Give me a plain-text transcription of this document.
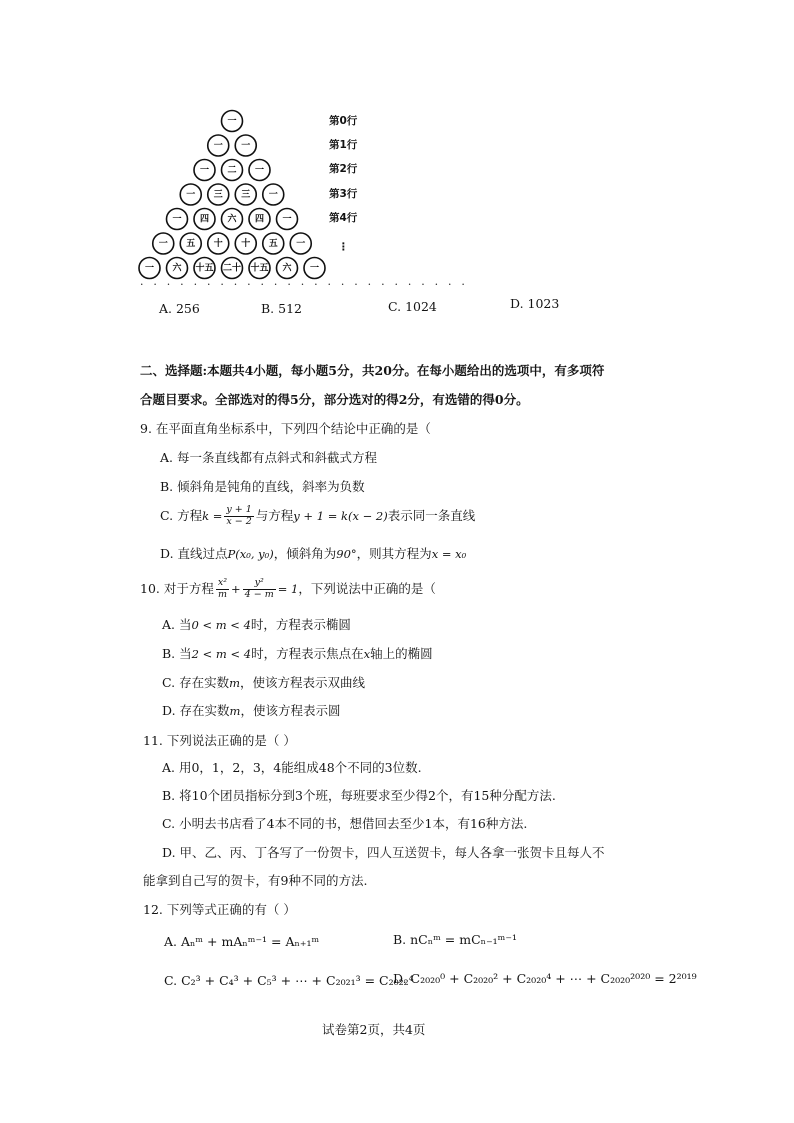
一
一 一
一 二 一
一 三 三 一
一 四 六 四 一
一 五 十 十 五 一
一 六 十五 二十 十五 六 一
第0行
第1行
第2行
第3行
第4行
⋮
· · · · · · · · · · · · · · · · · · · · · · · · ·
A. 256	B. 512	C. 1024	D. 1023
二、选择题:本题共4小题，每小题5分，共20分。在每小题给出的选项中，有多项符
合题目要求。全部选对的得5分，部分选对的得2分，有选错的得0分。
9. 在平面直角坐标系中，下列四个结论中正确的是（
A. 每一条直线都有点斜式和斜截式方程
B. 倾斜角是钝角的直线，斜率为负数
C. 方程$k = \frac{y + 1}{x - 2}$ 与方程y + 1 = k(x − 2)表示同一条直线
D. 直线过点P(x₀, y₀)，倾斜角为90°，则其方程为x = x₀
10. 对于方程 $\frac{\text{x²}}{m} + \frac{\text{y²}}{4 - m} = 1$，下列说法中正确的是（
A. 当0 < m < 4时，方程表示椭圆
B. 当2 < m < 4时，方程表示焦点在x轴上的椭圆
C. 存在实数m，使该方程表示双曲线
D. 存在实数m，使该方程表示圆
11. 下列说法正确的是（ ）
A. 用0，1，2，3，4能组成48个不同的3位数.
B. 将10个团员指标分到3个班，每班要求至少得2个，有15种分配方法.
C. 小明去书店看了4本不同的书，想借回去至少1本，有16种方法.
D. 甲、乙、丙、丁各写了一份贺卡，四人互送贺卡，每人各拿一张贺卡且每人不
能拿到自己写的贺卡，有9种不同的方法.
12. 下列等式正确的有（ ）
A. Aₙᵐ + mAₙᵐ⁻¹ = Aₙ₊₁ᵐ	B. nCₙᵐ = mCₙ₋₁ᵐ⁻¹
C. C₂³ + C₄³ + C₅³ + ⋯ + C₂₀₂₁³ = C₂₀₂₂⁴
D. C₂₀₂₀⁰ + C₂₀₂₀² + C₂₀₂₀⁴ + ⋯ + C₂₀₂₀²⁰²⁰ = 2²⁰¹⁹
试卷第2页，共4页
